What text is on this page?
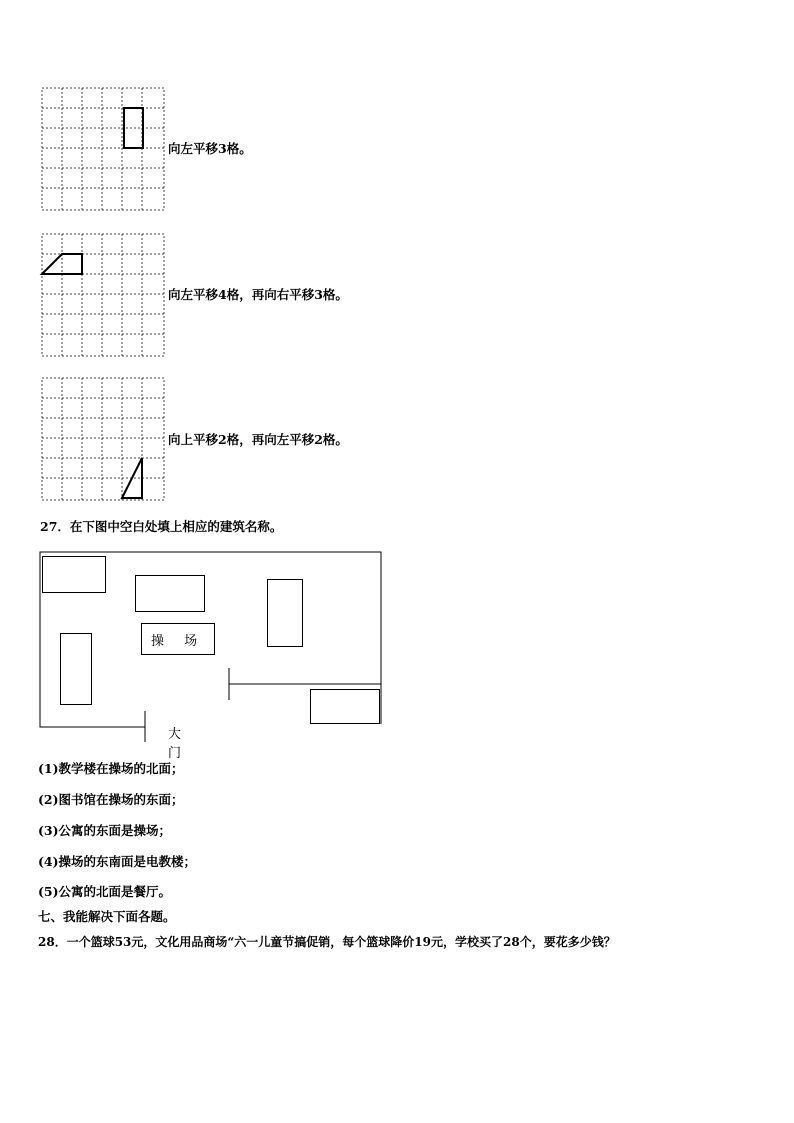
向左平移3格。
向左平移4格，再向右平移3格。
向上平移2格，再向左平移2格。
27．在下图中空白处填上相应的建筑名称。
操 场
大 门
(1)教学楼在操场的北面；
(2)图书馆在操场的东面；
(3)公寓的东面是操场；
(4)操场的东南面是电教楼；
(5)公寓的北面是餐厅。
七、我能解决下面各题。
28．一个篮球53元，文化用品商场“六一儿童节搞促销，每个篮球降价19元，学校买了28个，要花多少钱？
